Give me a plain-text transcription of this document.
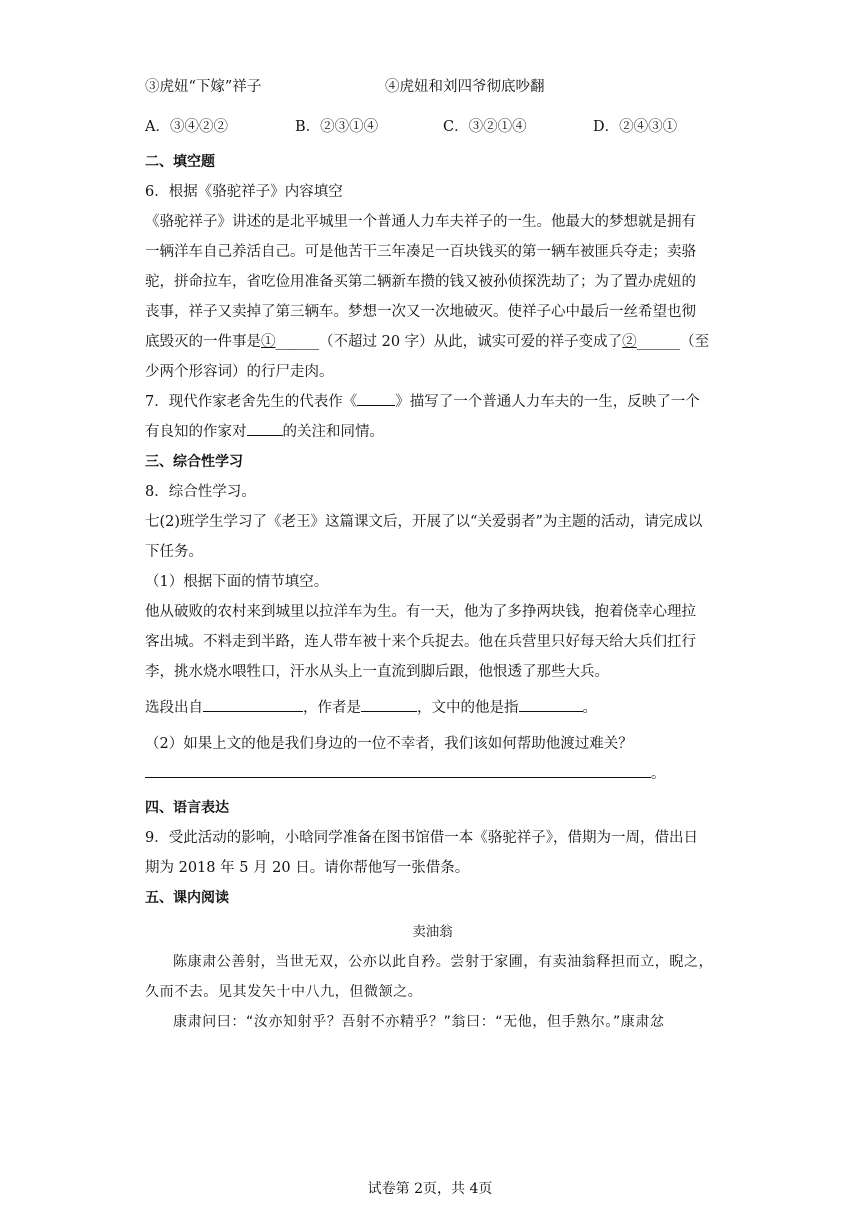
③虎妞“下嫁”祥子	④虎妞和刘四爷彻底吵翻
A．③④②②	B．②③①④	C．③②①④	D．②④③①
二、填空题
6．根据《骆驼祥子》内容填空
《骆驼祥子》讲述的是北平城里一个普通人力车夫祥子的一生。他最大的梦想就是拥有
一辆洋车自己养活自己。可是他苦干三年凑足一百块钱买的第一辆车被匪兵夺走；卖骆
驼，拼命拉车，省吃俭用准备买第二辆新车攒的钱又被孙侦探洗劫了；为了置办虎妞的
丧事，祥子又卖掉了第三辆车。梦想一次又一次地破灭。使祥子心中最后一丝希望也彻
底毁灭的一件事是①______（不超过 20 字）从此，诚实可爱的祥子变成了②______（至
少两个形容词）的行尸走肉。
7．现代作家老舍先生的代表作《	》描写了一个普通人力车夫的一生，反映了一个
有良知的作家对 的关注和同情。
三、综合性学习
8．综合性学习。
七(2)班学生学习了《老王》这篇课文后，开展了以“关爱弱者”为主题的活动，请完成以
下任务。
（1）根据下面的情节填空。
他从破败的农村来到城里以拉洋车为生。有一天，他为了多挣两块钱，抱着侥幸心理拉
客出城。不料走到半路，连人带车被十来个兵捉去。他在兵营里只好每天给大兵们扛行
李，挑水烧水喂牲口，汗水从头上一直流到脚后跟，他恨透了那些大兵。
选段出自	，作者是	，文中的他是指	。
（2）如果上文的他是我们身边的一位不幸者，我们该如何帮助他渡过难关？
。
四、语言表达
9．受此活动的影响，小晗同学准备在图书馆借一本《骆驼祥子》，借期为一周，借出日
期为 2018 年 5 月 20 日。请你帮他写一张借条。
五、课内阅读
卖油翁
陈康肃公善射，当世无双，公亦以此自矜。尝射于家圃，有卖油翁释担而立，睨之，
久而不去。见其发矢十中八九，但微颔之。
康肃问曰：“汝亦知射乎？吾射不亦精乎？”翁曰：“无他，但手熟尔。”康肃忿
试卷第 2页，共 4页
